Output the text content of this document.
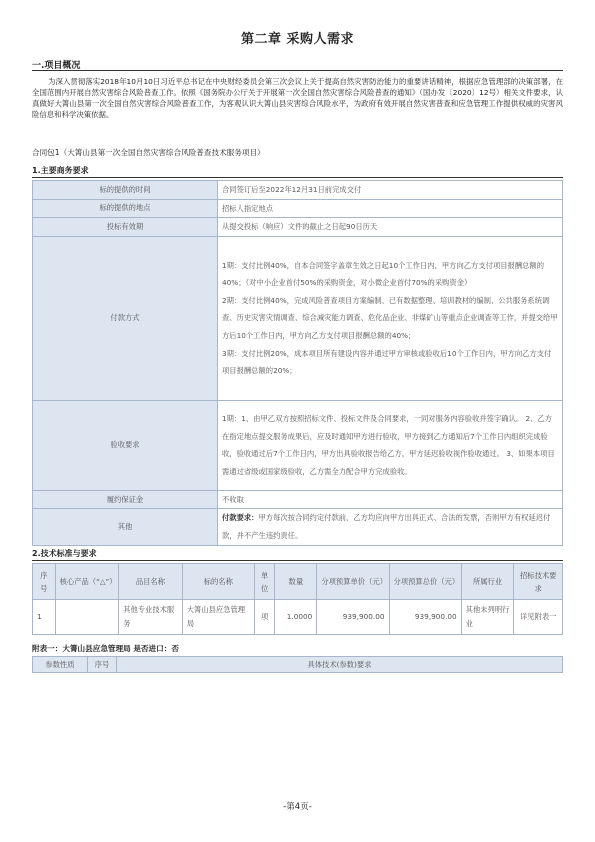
第二章 采购人需求
一.项目概况
为深入贯彻落实2018年10月10日习近平总书记在中央财经委员会第三次会议上关于提高自然灾害防治能力的重要讲话精神，根据应急管理部的决策部署，在全国范围内开展自然灾害综合风险普查工作。依照《国务院办公厅关于开展第一次全国自然灾害综合风险普查的通知》（国办发〔2020〕12号）相关文件要求，认真做好大箐山县第一次全国自然灾害综合风险普查工作，为客观认识大箐山县灾害综合风险水平，为政府有效开展自然灾害普查和应急管理工作提供权威的灾害风险信息和科学决策依据。
合同包1（大箐山县第一次全国自然灾害综合风险普查技术服务项目）
1.主要商务要求
标的提供的时间	合同签订后至2022年12月31日前完成交付
标的提供的地点	招标人指定地点
投标有效期	从提交投标（响应）文件的截止之日起90日历天
付款方式	1期：支付比例40%，自本合同签字盖章生效之日起10个工作日内，甲方向乙方支付项目报酬总额的40%；（对中小企业首付50%的采购资金，对小微企业首付70%的采购资金）
2期：支付比例40%，完成风险普查项目方案编制、已有数据整理、培训教材的编制、公共服务系统调查、历史灾害灾情调查、综合减灾能力调查、危化品企业、非煤矿山等重点企业调查等工作，并提交给甲方后10个工作日内，甲方向乙方支付项目报酬总额的40%；
3期：支付比例20%，成本项目所有建设内容并通过甲方审核或验收后10个工作日内，甲方向乙方支付项目报酬总额的20%；

验收要求	1期：1、由甲乙双方按照招标文件、投标文件及合同要求，一同对服务内容验收并签字确认。 2、乙方在指定地点提交服务成果后，应及时通知甲方进行验收，甲方接到乙方通知后7个工作日内组织完成验收，验收通过后7个工作日内，甲方出具验收报告给乙方，甲方延迟验收视作验收通过。 3、如果本项目需通过省级或国家级验收，乙方需全力配合甲方完成验收。
履约保证金	不收取
其他	付款要求：甲方每次按合同约定付款前，乙方均应向甲方出具正式、合法的发票，否则甲方有权延迟付款，并不产生违约责任。
2.技术标准与要求
序号	核心产品（“△”）	品目名称	标的名称	单位	数量	分项预算单价（元）	分项预算总价（元）	所属行业	招标技术要求
1		其他专业技术服务	大箐山县应急管理局	项	1.0000	939,900.00	939,900.00	其他未列明行业	详见附表一
附表一：大箐山县应急管理局 是否进口：否
参数性质	序号	具体技术(参数)要求
-第4页-
